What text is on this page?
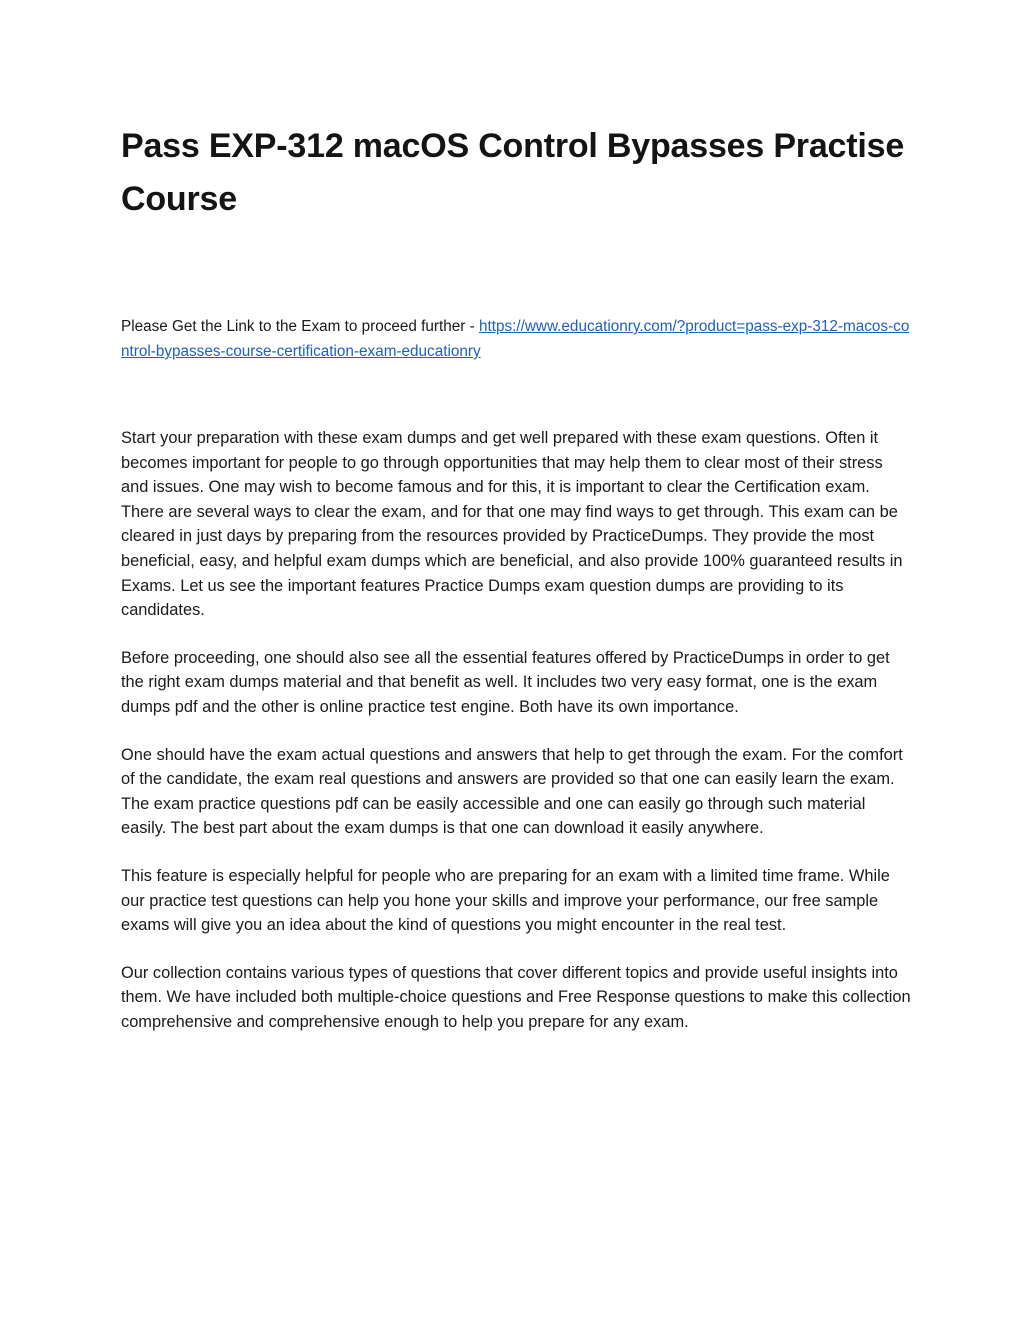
Pass EXP-312 macOS Control Bypasses Practise Course

Please Get the Link to the Exam to proceed further - https://www.educationry.com/?product=pass-exp-312-macos-control-bypasses-course-certification-exam-educationry

Start your preparation with these exam dumps and get well prepared with these exam questions. Often it becomes important for people to go through opportunities that may help them to clear most of their stress and issues. One may wish to become famous and for this, it is important to clear the Certification exam. There are several ways to clear the exam, and for that one may find ways to get through. This exam can be cleared in just days by preparing from the resources provided by PracticeDumps. They provide the most beneficial, easy, and helpful exam dumps which are beneficial, and also provide 100% guaranteed results in Exams. Let us see the important features Practice Dumps exam question dumps are providing to its candidates.

Before proceeding, one should also see all the essential features offered by PracticeDumps in order to get the right exam dumps material and that benefit as well. It includes two very easy format, one is the exam dumps pdf and the other is online practice test engine. Both have its own importance.

One should have the exam actual questions and answers that help to get through the exam. For the comfort of the candidate, the exam real questions and answers are provided so that one can easily learn the exam. The exam practice questions pdf can be easily accessible and one can easily go through such material easily. The best part about the exam dumps is that one can download it easily anywhere.

This feature is especially helpful for people who are preparing for an exam with a limited time frame. While our practice test questions can help you hone your skills and improve your performance, our free sample exams will give you an idea about the kind of questions you might encounter in the real test.

Our collection contains various types of questions that cover different topics and provide useful insights into them. We have included both multiple-choice questions and Free Response questions to make this collection comprehensive and comprehensive enough to help you prepare for any exam.
